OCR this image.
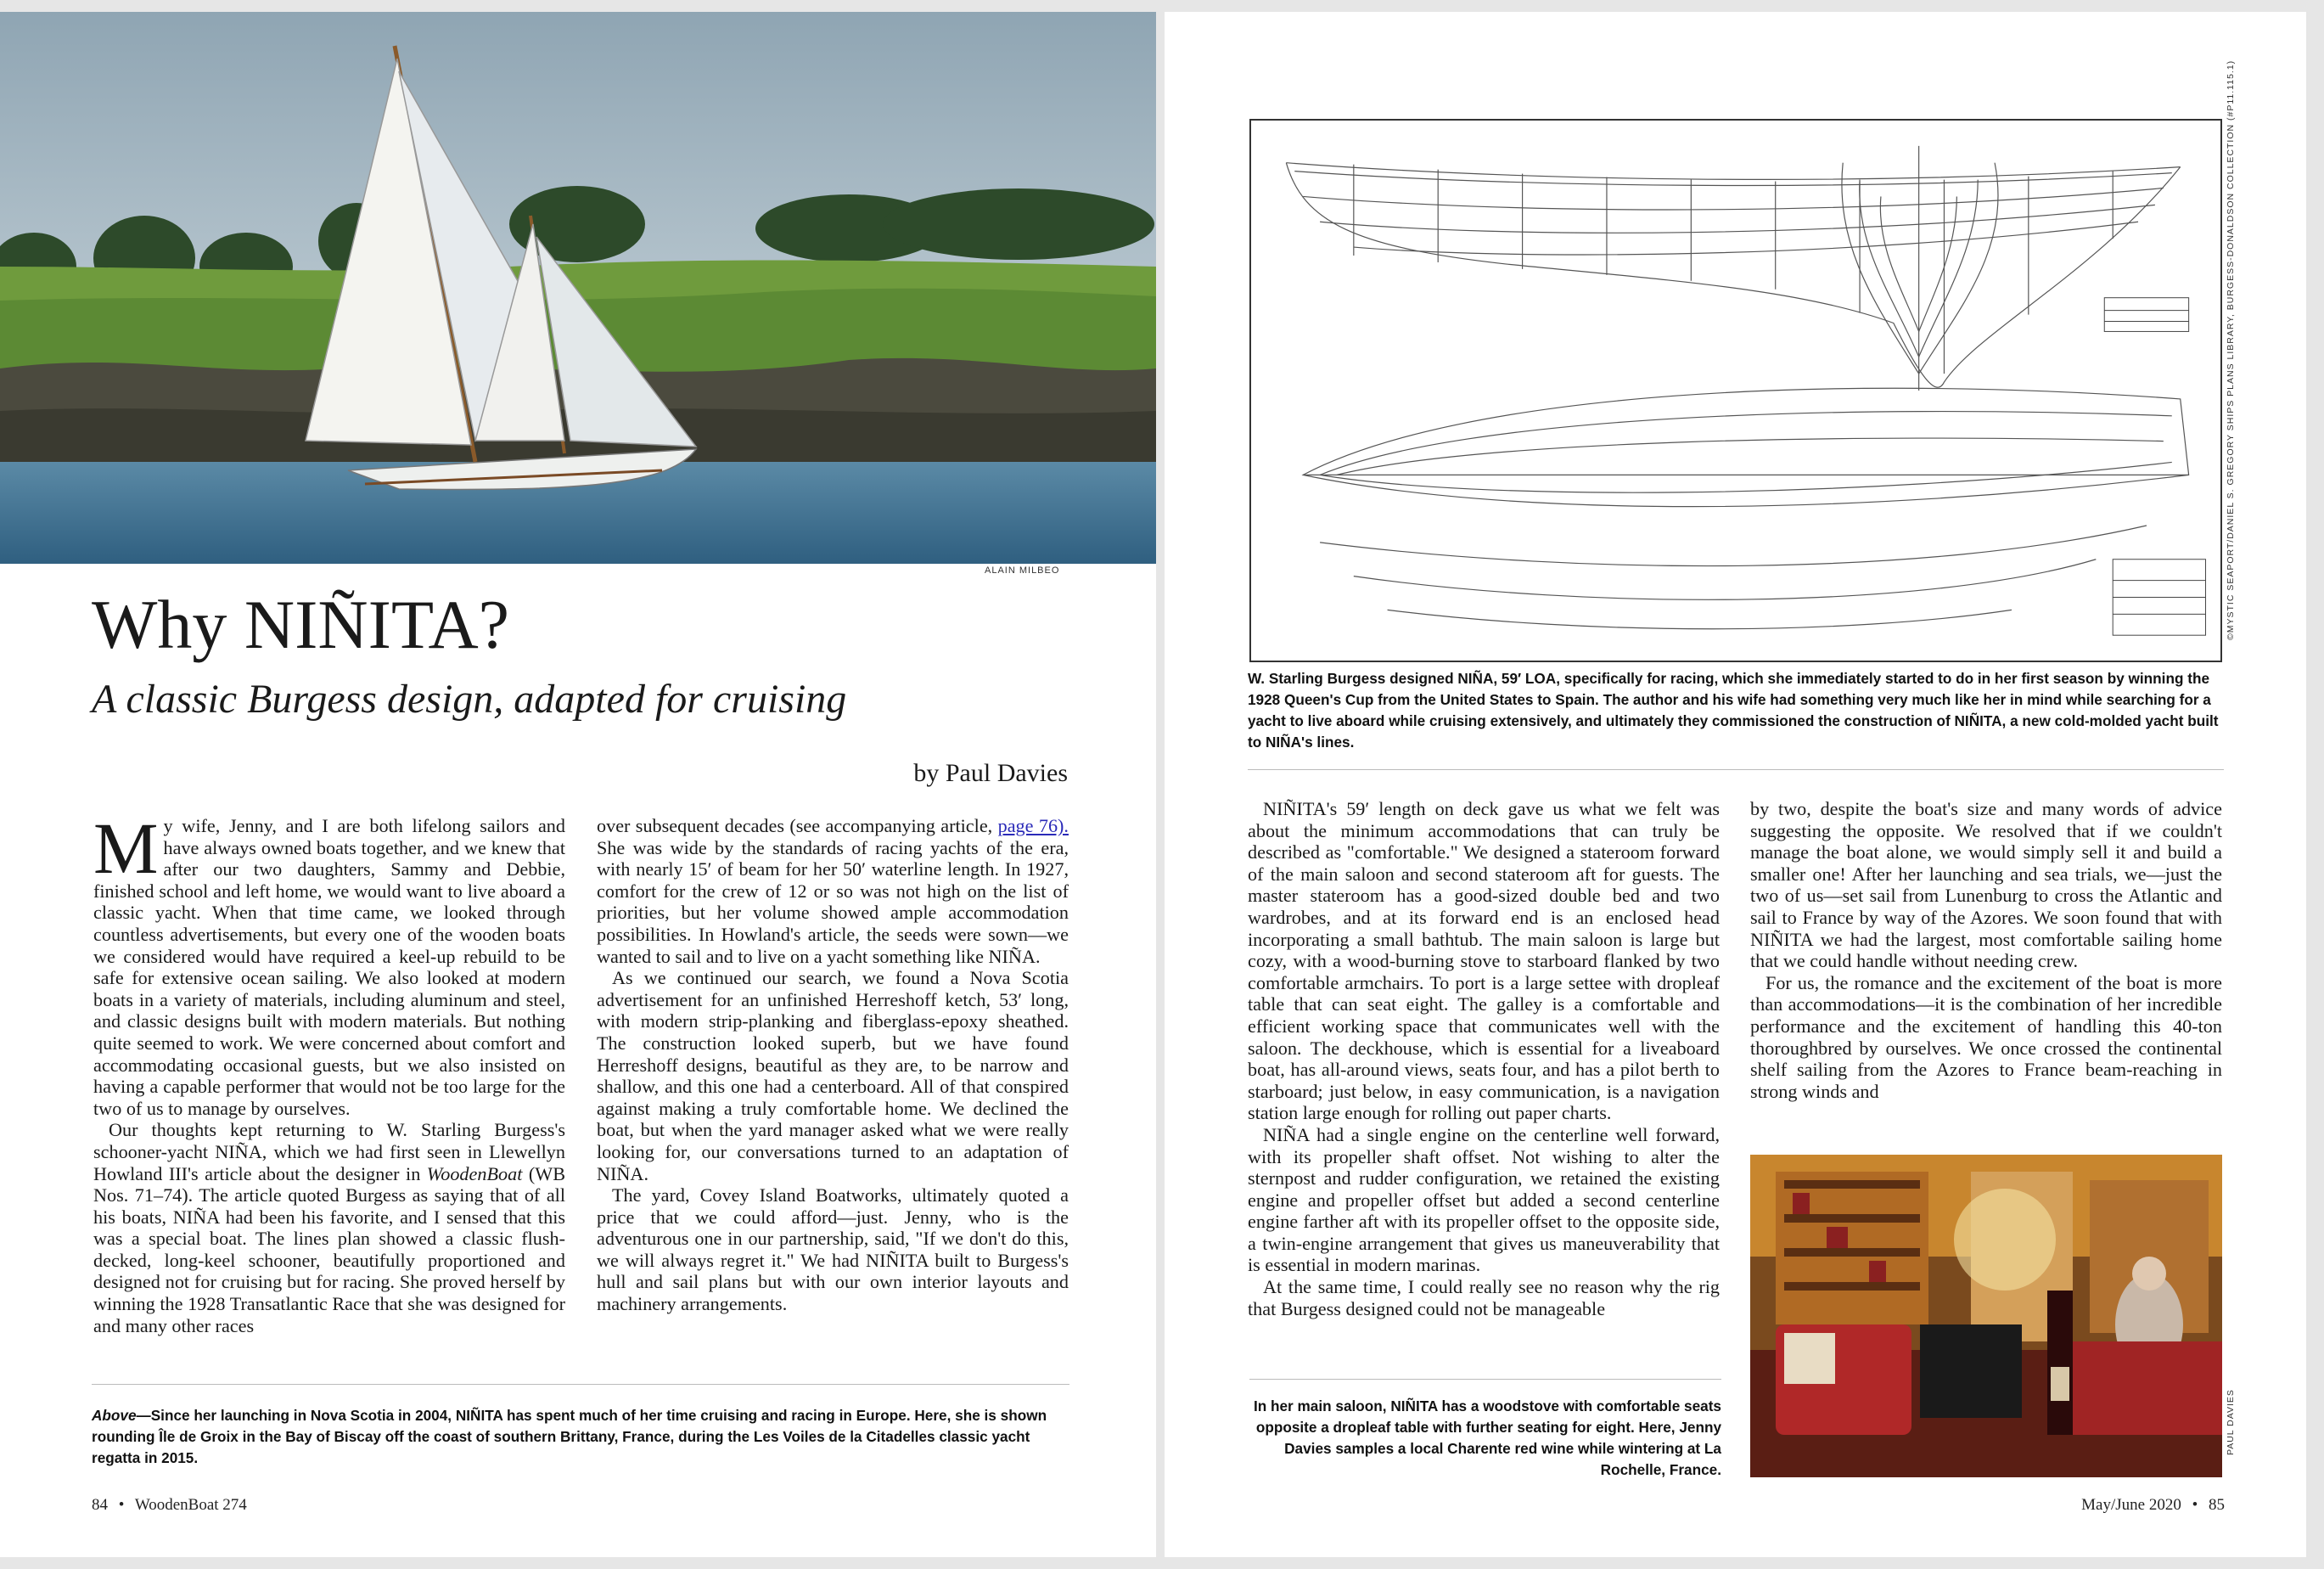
ALAIN MILBEO
Why NIÑITA?
A classic Burgess design, adapted for cruising
by Paul Davies

My wife, Jenny, and I are both lifelong sailors and have always owned boats together, and we knew that after our two daughters, Sammy and Debbie, finished school and left home, we would want to live aboard a classic yacht. When that time came, we looked through countless advertisements, but every one of the wooden boats we considered would have required a keel-up rebuild to be safe for extensive ocean sailing. We also looked at modern boats in a variety of materials, including aluminum and steel, and classic designs built with modern materials. But nothing quite seemed to work. We were concerned about comfort and accommodating occasional guests, but we also insisted on having a capable performer that would not be too large for the two of us to manage by ourselves.

Our thoughts kept returning to W. Starling Burgess's schooner-yacht NIÑA, which we had first seen in Llewellyn Howland III's article about the designer in WoodenBoat (WB Nos. 71–74). The article quoted Burgess as saying that of all his boats, NIÑA had been his favorite, and I sensed that this was a special boat. The lines plan showed a classic flush-decked, long-keel schooner, beautifully proportioned and designed not for cruising but for racing. She proved herself by winning the 1928 Transatlantic Race that she was designed for and many other races

over subsequent decades (see accompanying article, page 76). She was wide by the standards of racing yachts of the era, with nearly 15′ of beam for her 50′ waterline length. In 1927, comfort for the crew of 12 or so was not high on the list of priorities, but her volume showed ample accommodation possibilities. In Howland's article, the seeds were sown—we wanted to sail and to live on a yacht something like NIÑA.

As we continued our search, we found a Nova Scotia advertisement for an unfinished Herreshoff ketch, 53′ long, with modern strip-planking and fiberglass-epoxy sheathed. The construction looked superb, but we have found Herreshoff designs, beautiful as they are, to be narrow and shallow, and this one had a centerboard. All of that conspired against making a truly comfortable home. We declined the boat, but when the yard manager asked what we were really looking for, our conversations turned to an adaptation of NIÑA.

The yard, Covey Island Boatworks, ultimately quoted a price that we could afford—just. Jenny, who is the adventurous one in our partnership, said, "If we don't do this, we will always regret it." We had NIÑITA built to Burgess's hull and sail plans but with our own interior layouts and machinery arrangements.

Above—Since her launching in Nova Scotia in 2004, NIÑITA has spent much of her time cruising and racing in Europe. Here, she is shown rounding Île de Groix in the Bay of Biscay off the coast of southern Brittany, France, during the Les Voiles de la Citadelles classic yacht regatta in 2015.
84 • WoodenBoat 274
©MYSTIC SEAPORT/DANIEL S. GREGORY SHIPS PLANS LIBRARY, BURGESS-DONALDSON COLLECTION (#P11.115.1)
W. Starling Burgess designed NIÑA, 59′ LOA, specifically for racing, which she immediately started to do in her first season by winning the 1928 Queen's Cup from the United States to Spain. The author and his wife had something very much like her in mind while searching for a yacht to live aboard while cruising extensively, and ultimately they commissioned the construction of NIÑITA, a new cold-molded yacht built to NIÑA's lines.

NIÑITA's 59′ length on deck gave us what we felt was about the minimum accommodations that can truly be described as "comfortable." We designed a stateroom forward of the main saloon and second stateroom aft for guests. The master stateroom has a good-sized double bed and two wardrobes, and at its forward end is an enclosed head incorporating a small bathtub. The main saloon is large but cozy, with a wood-burning stove to starboard flanked by two comfortable armchairs. To port is a large settee with dropleaf table that can seat eight. The galley is a comfortable and efficient working space that communicates well with the saloon. The deckhouse, which is essential for a liveaboard boat, has all-around views, seats four, and has a pilot berth to starboard; just below, in easy communication, is a navigation station large enough for rolling out paper charts.

NIÑA had a single engine on the centerline well forward, with its propeller shaft offset. Not wishing to alter the sternpost and rudder configuration, we retained the existing engine and propeller offset but added a second centerline engine farther aft with its propeller offset to the opposite side, a twin-engine arrangement that gives us maneuverability that is essential in modern marinas.

At the same time, I could really see no reason why the rig that Burgess designed could not be manageable

by two, despite the boat's size and many words of advice suggesting the opposite. We resolved that if we couldn't manage the boat alone, we would simply sell it and build a smaller one! After her launching and sea trials, we—just the two of us—set sail from Lunenburg to cross the Atlantic and sail to France by way of the Azores. We soon found that with NIÑITA we had the largest, most comfortable sailing home that we could handle without needing crew.

For us, the romance and the excitement of the boat is more than accommodations—it is the combination of her incredible performance and the excitement of handling this 40-ton thoroughbred by ourselves. We once crossed the continental shelf sailing from the Azores to France beam-reaching in strong winds and

In her main saloon, NIÑITA has a woodstove with comfortable seats opposite a dropleaf table with further seating for eight. Here, Jenny Davies samples a local Charente red wine while wintering at La Rochelle, France.
PAUL DAVIES
May/June 2020 • 85
